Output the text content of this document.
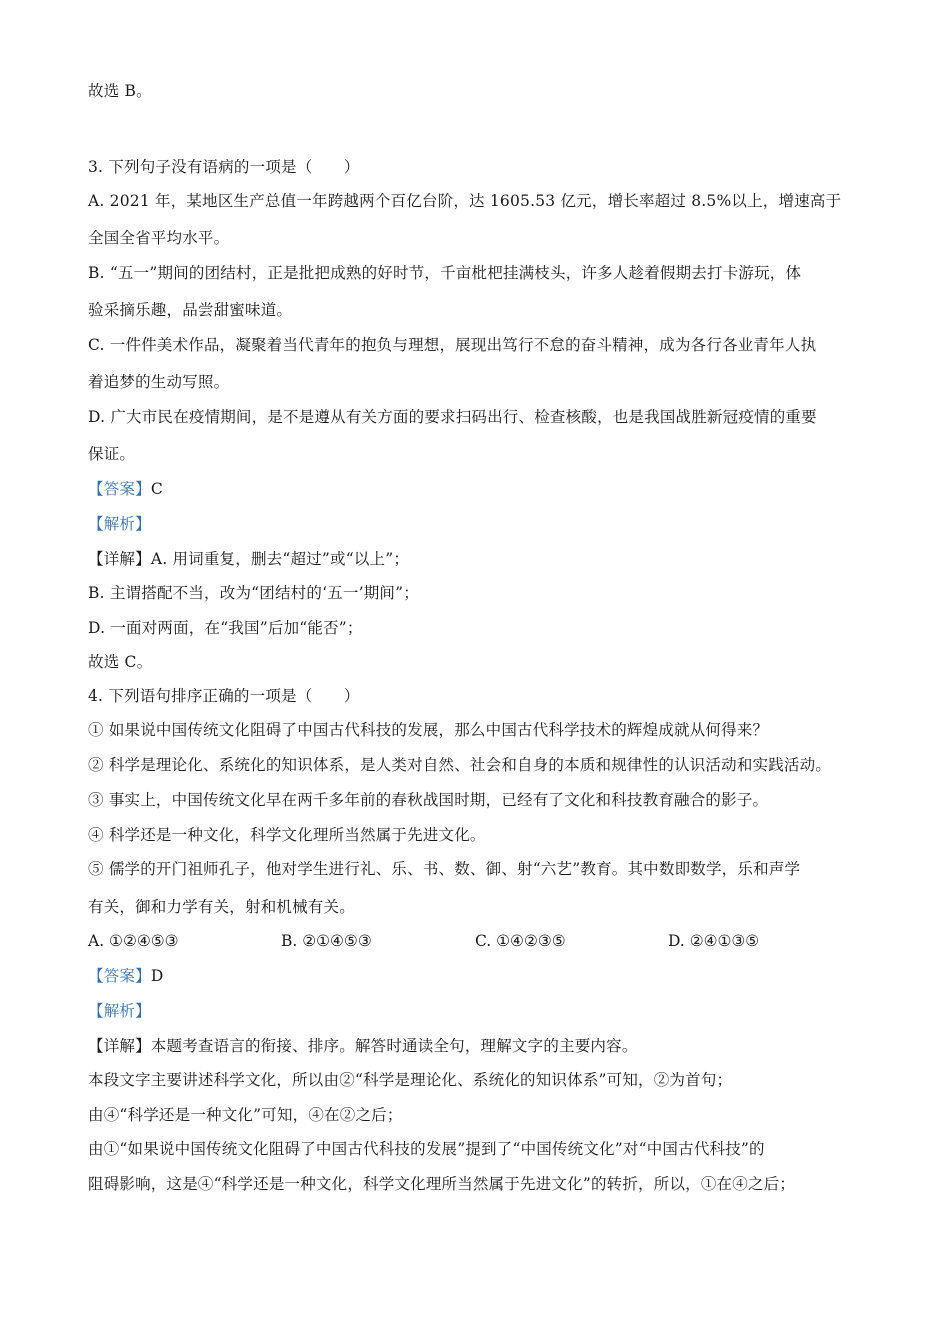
故选 B。
3. 下列句子没有语病的一项是（　　）
A. 2021 年，某地区生产总值一年跨越两个百亿台阶，达 1605.53 亿元，增长率超过 8.5%以上，增速高于
全国全省平均水平。
B. “五一”期间的团结村，正是批把成熟的好时节，千亩枇杷挂满枝头，许多人趁着假期去打卡游玩，体
验采摘乐趣，品尝甜蜜味道。
C. 一件件美术作品，凝聚着当代青年的抱负与理想，展现出笃行不怠的奋斗精神，成为各行各业青年人执
着追梦的生动写照。
D. 广大市民在疫情期间，是不是遵从有关方面的要求扫码出行、检查核酸，也是我国战胜新冠疫情的重要
保证。
【答案】C
【解析】
【详解】A. 用词重复，删去“超过”或“以上”；
B. 主谓搭配不当，改为“团结村的‘五一’期间”；
D. 一面对两面，在“我国”后加“能否”；
故选 C。
4. 下列语句排序正确的一项是（　　）
① 如果说中国传统文化阻碍了中国古代科技的发展，那么中国古代科学技术的辉煌成就从何得来？
② 科学是理论化、系统化的知识体系，是人类对自然、社会和自身的本质和规律性的认识活动和实践活动。
③ 事实上，中国传统文化早在两千多年前的春秋战国时期，已经有了文化和科技教育融合的影子。
④ 科学还是一种文化，科学文化理所当然属于先进文化。
⑤ 儒学的开门祖师孔子，他对学生进行礼、乐、书、数、御、射“六艺”教育。其中数即数学，乐和声学
有关，御和力学有关，射和机械有关。
A. ①②④⑤③	B. ②①④⑤③	C. ①④②③⑤	D. ②④①③⑤
【答案】D
【解析】
【详解】本题考查语言的衔接、排序。解答时通读全句，理解文字的主要内容。
本段文字主要讲述科学文化，所以由②“科学是理论化、系统化的知识体系”可知，②为首句；
由④“科学还是一种文化”可知，④在②之后；
由①“如果说中国传统文化阻碍了中国古代科技的发展”提到了“中国传统文化”对“中国古代科技”的
阻碍影响，这是④“科学还是一种文化，科学文化理所当然属于先进文化”的转折，所以，①在④之后；
